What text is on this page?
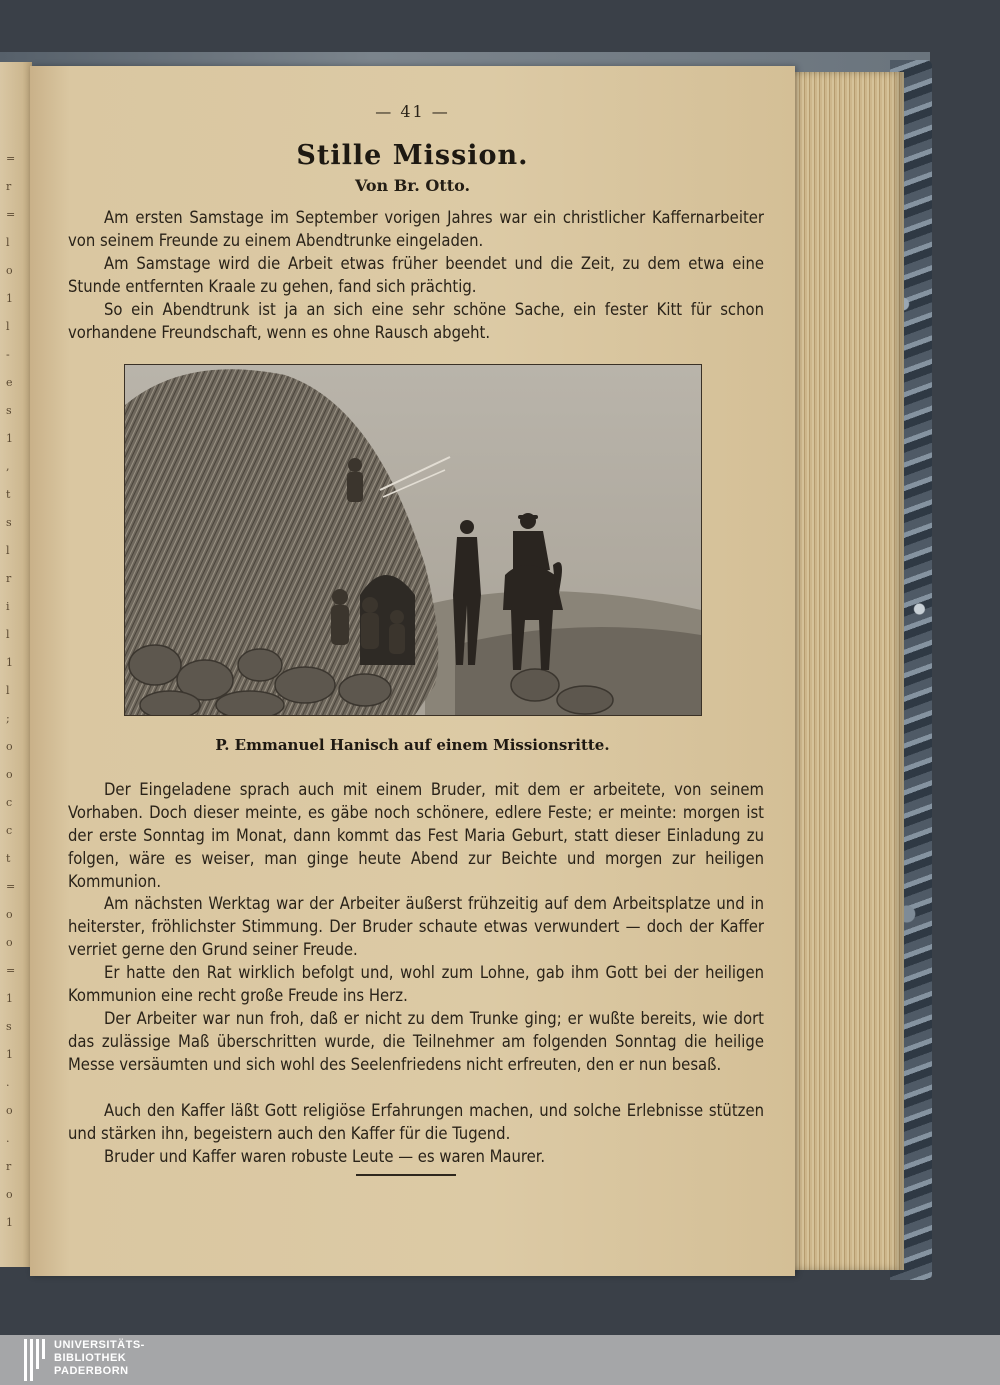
=
r
=
l
o
1
l
-
e
s
1
,
t
s
l
r
i
l
1
l
;
o
o
c
c
t
=
o
o
=
1
s
1
.
o
.
r
o
1
— 41 —
Stille Mission.
Von Br. Otto.

Am ersten Samstage im September vorigen Jahres war ein christlicher Kaffernarbeiter von seinem Freunde zu einem Abendtrunke eingeladen.

Am Samstage wird die Arbeit etwas früher beendet und die Zeit, zu dem etwa eine Stunde entfernten Kraale zu gehen, fand sich prächtig.

So ein Abendtrunk ist ja an sich eine sehr schöne Sache, ein fester Kitt für schon vorhandene Freundschaft, wenn es ohne Rausch abgeht.

P. Emmanuel Hanisch auf einem Missionsritte.

Der Eingeladene sprach auch mit einem Bruder, mit dem er arbeitete, von seinem Vorhaben. Doch dieser meinte, es gäbe noch schönere, edlere Feste; er meinte: morgen ist der erste Sonntag im Monat, dann kommt das Fest Maria Geburt, statt dieser Einladung zu folgen, wäre es weiser, man ginge heute Abend zur Beichte und morgen zur heiligen Kommunion.

Am nächsten Werktag war der Arbeiter äußerst frühzeitig auf dem Arbeitsplatze und in heiterster, fröhlichster Stimmung. Der Bruder schaute etwas verwundert — doch der Kaffer verriet gerne den Grund seiner Freude.

Er hatte den Rat wirklich befolgt und, wohl zum Lohne, gab ihm Gott bei der heiligen Kommunion eine recht große Freude ins Herz.

Der Arbeiter war nun froh, daß er nicht zu dem Trunke ging; er wußte bereits, wie dort das zulässige Maß überschritten wurde, die Teilnehmer am folgenden Sonntag die heilige Messe versäumten und sich wohl des Seelenfriedens nicht erfreuten, den er nun besaß.

Auch den Kaffer läßt Gott religiöse Erfahrungen machen, und solche Erlebnisse stützen und stärken ihn, begeistern auch den Kaffer für die Tugend.

Bruder und Kaffer waren robuste Leute — es waren Maurer.

UNIVERSITÄTS-
BIBLIOTHEK
PADERBORN
